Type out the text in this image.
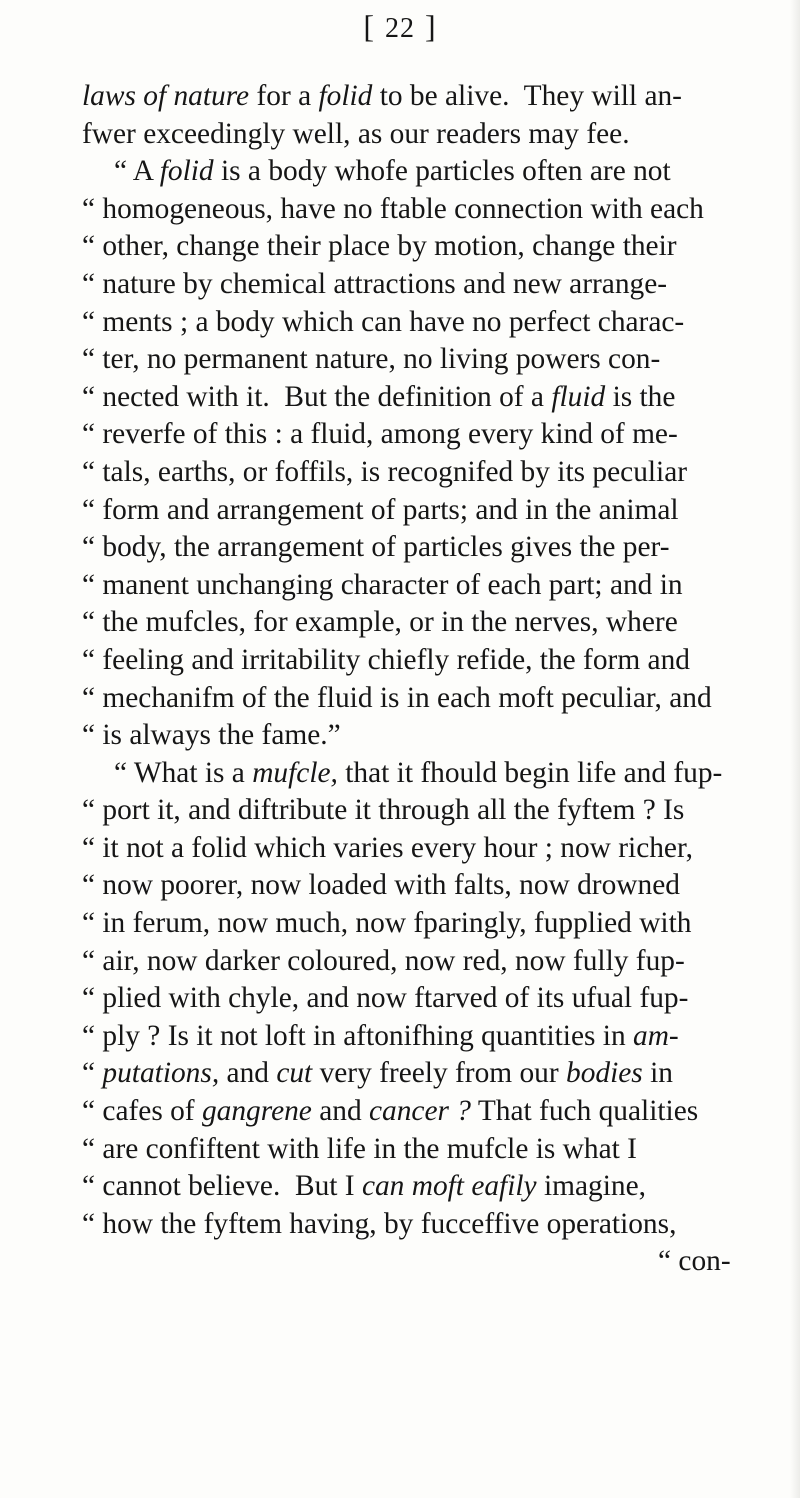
[ 22 ]
laws of nature for a folid to be alive.  They will an-
fwer exceedingly well, as our readers may fee.
“ A folid is a body whofe particles often are not
“ homogeneous, have no ftable connection with each
“ other, change their place by motion, change their
“ nature by chemical attractions and new arrange-
“ ments ; a body which can have no perfect charac-
“ ter, no permanent nature, no living powers con-
“ nected with it.  But the definition of a fluid is the
“ reverfe of this : a fluid, among every kind of me-
“ tals, earths, or foffils, is recognifed by its peculiar
“ form and arrangement of parts; and in the animal
“ body, the arrangement of particles gives the per-
“ manent unchanging character of each part; and in
“ the mufcles, for example, or in the nerves, where
“ feeling and irritability chiefly refide, the form and
“ mechanifm of the fluid is in each moft peculiar, and
“ is always the fame.”
“ What is a mufcle, that it fhould begin life and fup-
“ port it, and diftribute it through all the fyftem ? Is
“ it not a folid which varies every hour ; now richer,
“ now poorer, now loaded with falts, now drowned
“ in ferum, now much, now fparingly, fupplied with
“ air, now darker coloured, now red, now fully fup-
“ plied with chyle, and now ftarved of its ufual fup-
“ ply ? Is it not loft in aftonifhing quantities in am-
“ putations, and cut very freely from our bodies in
“ cafes of gangrene and cancer ? That fuch qualities
“ are confiftent with life in the mufcle is what I
“ cannot believe.  But I can moft eafily imagine,
“ how the fyftem having, by fucceffive operations,
“ con-
